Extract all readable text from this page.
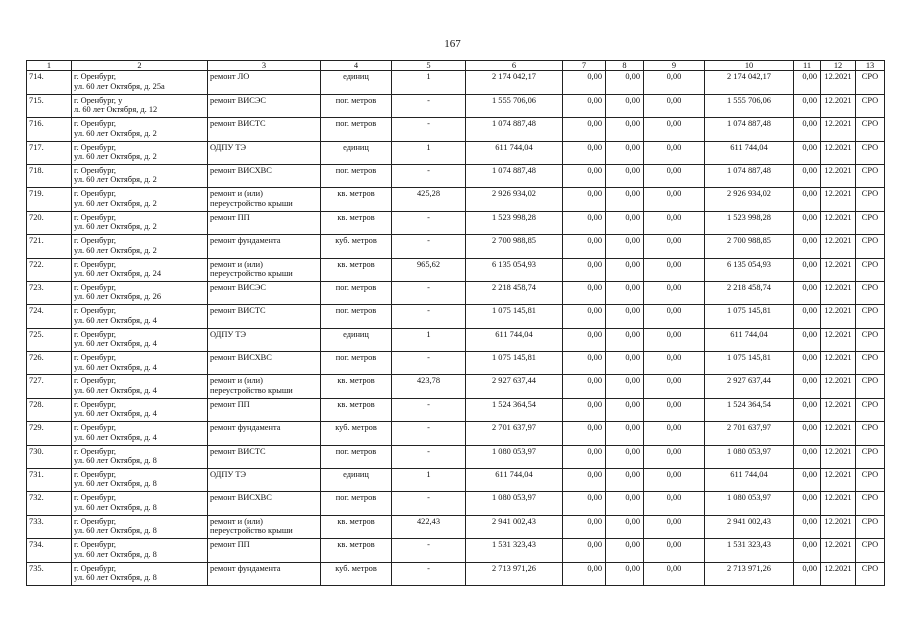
167
1	2	3	4	5	6	7	8	9	10	11	12	13
714.	г. Оренбург,
ул. 60 лет Октября, д. 25а	ремонт ЛО	единиц	1	2 174 042,17	0,00	0,00	0,00	2 174 042,17	0,00	12.2021	СРО
715.	г. Оренбург, у
л. 60 лет Октября, д. 12	ремонт ВИСЭС	пог. метров	-	1 555 706,06	0,00	0,00	0,00	1 555 706,06	0,00	12.2021	СРО
716.	г. Оренбург,
ул. 60 лет Октября, д. 2	ремонт ВИСТС	пог. метров	-	1 074 887,48	0,00	0,00	0,00	1 074 887,48	0,00	12.2021	СРО
717.	г. Оренбург,
ул. 60 лет Октября, д. 2	ОДПУ ТЭ	единиц	1	611 744,04	0,00	0,00	0,00	611 744,04	0,00	12.2021	СРО
718.	г. Оренбург,
ул. 60 лет Октября, д. 2	ремонт ВИСХВС	пог. метров	-	1 074 887,48	0,00	0,00	0,00	1 074 887,48	0,00	12.2021	СРО
719.	г. Оренбург,
ул. 60 лет Октября, д. 2	ремонт и (или)
переустройство крыши	кв. метров	425,28	2 926 934,02	0,00	0,00	0,00	2 926 934,02	0,00	12.2021	СРО
720.	г. Оренбург,
ул. 60 лет Октября, д. 2	ремонт ПП	кв. метров	-	1 523 998,28	0,00	0,00	0,00	1 523 998,28	0,00	12.2021	СРО
721.	г. Оренбург,
ул. 60 лет Октября, д. 2	ремонт фундамента	куб. метров	-	2 700 988,85	0,00	0,00	0,00	2 700 988,85	0,00	12.2021	СРО
722.	г. Оренбург,
ул. 60 лет Октября, д. 24	ремонт и (или)
переустройство крыши	кв. метров	965,62	6 135 054,93	0,00	0,00	0,00	6 135 054,93	0,00	12.2021	СРО
723.	г. Оренбург,
ул. 60 лет Октября, д. 26	ремонт ВИСЭС	пог. метров	-	2 218 458,74	0,00	0,00	0,00	2 218 458,74	0,00	12.2021	СРО
724.	г. Оренбург,
ул. 60 лет Октября, д. 4	ремонт ВИСТС	пог. метров	-	1 075 145,81	0,00	0,00	0,00	1 075 145,81	0,00	12.2021	СРО
725.	г. Оренбург,
ул. 60 лет Октября, д. 4	ОДПУ ТЭ	единиц	1	611 744,04	0,00	0,00	0,00	611 744,04	0,00	12.2021	СРО
726.	г. Оренбург,
ул. 60 лет Октября, д. 4	ремонт ВИСХВС	пог. метров	-	1 075 145,81	0,00	0,00	0,00	1 075 145,81	0,00	12.2021	СРО
727.	г. Оренбург,
ул. 60 лет Октября, д. 4	ремонт и (или)
переустройство крыши	кв. метров	423,78	2 927 637,44	0,00	0,00	0,00	2 927 637,44	0,00	12.2021	СРО
728.	г. Оренбург,
ул. 60 лет Октября, д. 4	ремонт ПП	кв. метров	-	1 524 364,54	0,00	0,00	0,00	1 524 364,54	0,00	12.2021	СРО
729.	г. Оренбург,
ул. 60 лет Октября, д. 4	ремонт фундамента	куб. метров	-	2 701 637,97	0,00	0,00	0,00	2 701 637,97	0,00	12.2021	СРО
730.	г. Оренбург,
ул. 60 лет Октября, д. 8	ремонт ВИСТС	пог. метров	-	1 080 053,97	0,00	0,00	0,00	1 080 053,97	0,00	12.2021	СРО
731.	г. Оренбург,
ул. 60 лет Октября, д. 8	ОДПУ ТЭ	единиц	1	611 744,04	0,00	0,00	0,00	611 744,04	0,00	12.2021	СРО
732.	г. Оренбург,
ул. 60 лет Октября, д. 8	ремонт ВИСХВС	пог. метров	-	1 080 053,97	0,00	0,00	0,00	1 080 053,97	0,00	12.2021	СРО
733.	г. Оренбург,
ул. 60 лет Октября, д. 8	ремонт и (или)
переустройство крыши	кв. метров	422,43	2 941 002,43	0,00	0,00	0,00	2 941 002,43	0,00	12.2021	СРО
734.	г. Оренбург,
ул. 60 лет Октября, д. 8	ремонт ПП	кв. метров	-	1 531 323,43	0,00	0,00	0,00	1 531 323,43	0,00	12.2021	СРО
735.	г. Оренбург,
ул. 60 лет Октября, д. 8	ремонт фундамента	куб. метров	-	2 713 971,26	0,00	0,00	0,00	2 713 971,26	0,00	12.2021	СРО
